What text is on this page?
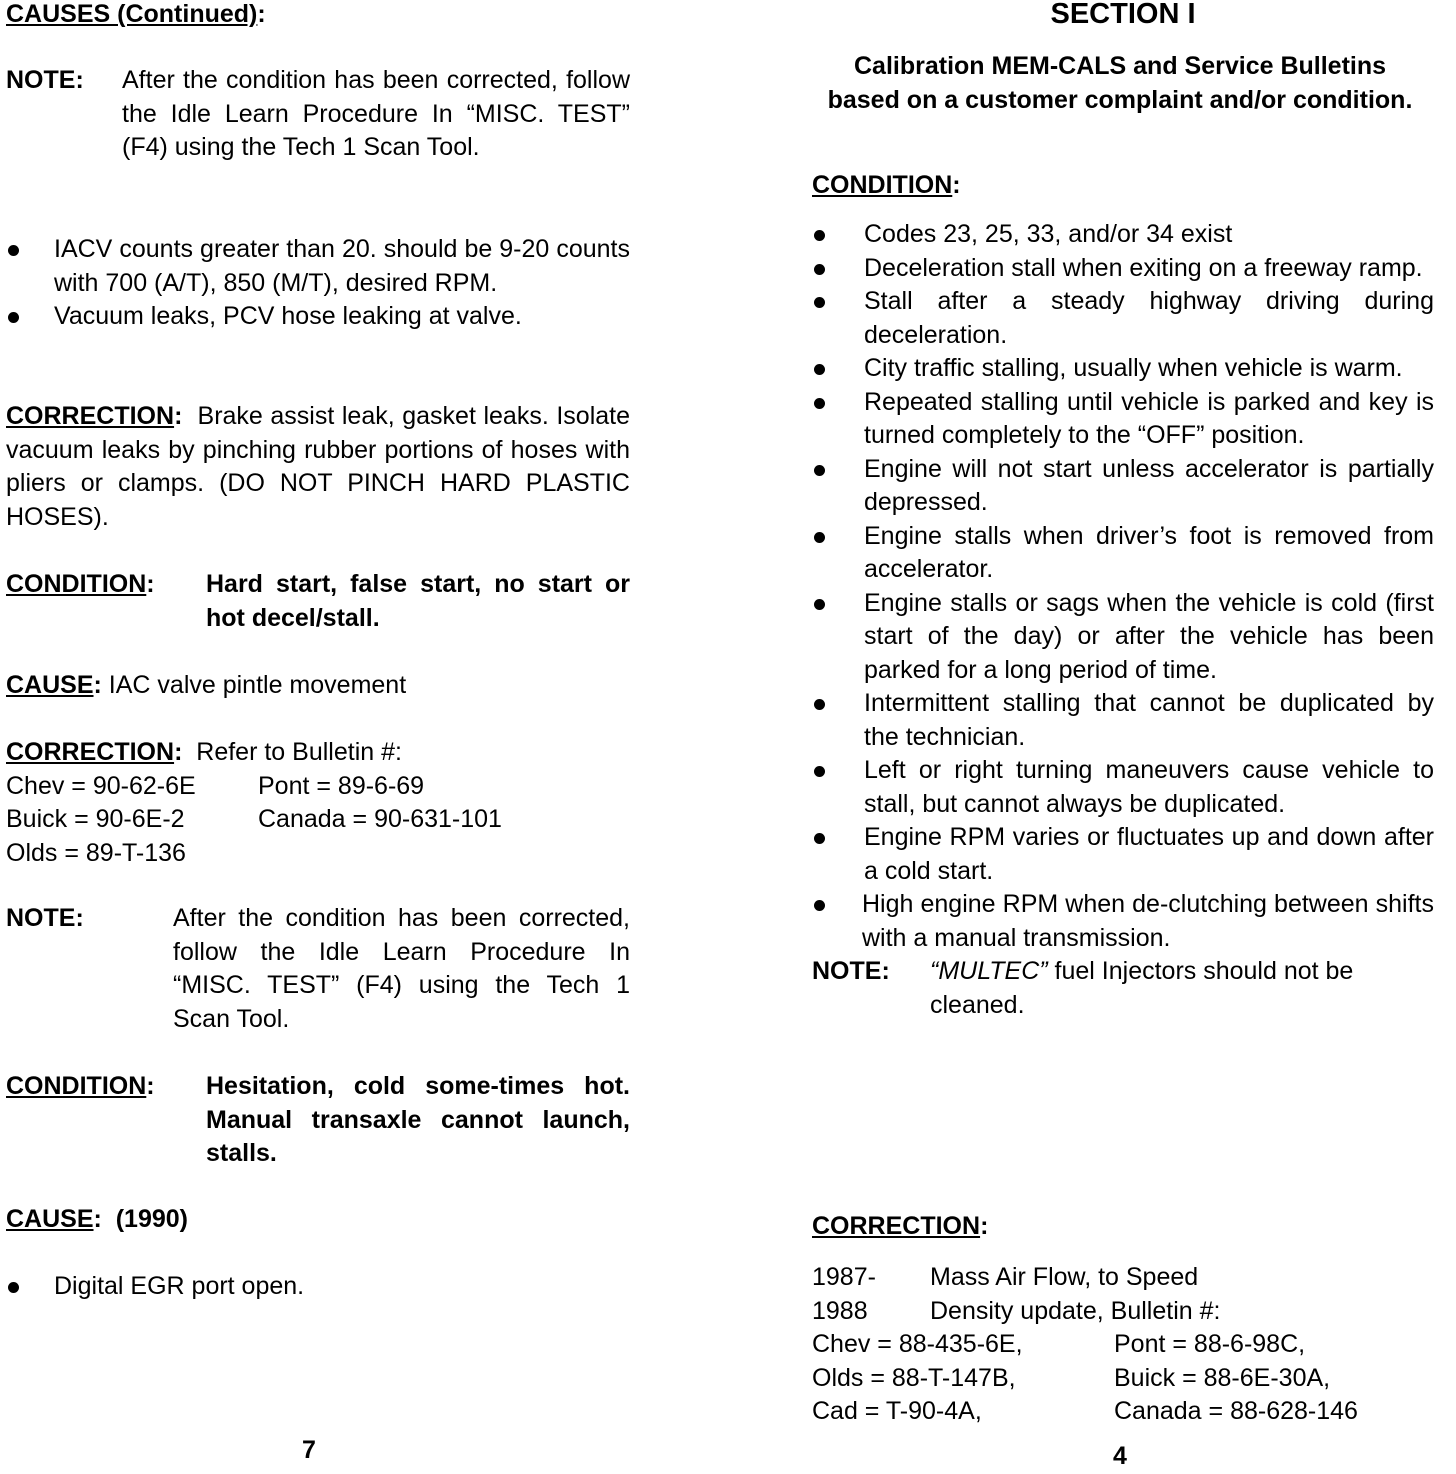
CAUSES (Continued):
NOTE:	After the condition has been corrected, follow the Idle Learn Procedure In “MISC. TEST” (F4) using the Tech 1 Scan Tool.
IACV counts greater than 20. should be 9-20 counts with 700 (A/T), 850 (M/T), desired RPM.
Vacuum leaks, PCV hose leaking at valve.
CORRECTION:  Brake assist leak, gasket leaks. Isolate vacuum leaks by pinching rubber portions of hoses with pliers or clamps. (DO NOT PINCH HARD PLASTIC HOSES).
CONDITION:	Hard start, false start, no start or hot decel/stall.
CAUSE: IAC valve pintle movement
CORRECTION:  Refer to Bulletin #:
Chev = 90-62-6E	Pont = 89-6-69
Buick = 90-6E-2	Canada = 90-631-101
Olds = 89-T-136
NOTE:	After the condition has been corrected, follow the Idle Learn Procedure In “MISC. TEST” (F4) using the Tech 1 Scan Tool.
CONDITION:	Hesitation, cold some-times hot. Manual transaxle cannot launch, stalls.
CAUSE:  (1990)
Digital EGR port open.
7
SECTION I
Calibration MEM-CALS and Service Bulletins based on a customer complaint and/or condition.
CONDITION:
Codes 23, 25, 33, and/or 34 exist
Deceleration stall when exiting on a freeway ramp.
Stall after a steady highway driving during deceleration.
City traffic stalling, usually when vehicle is warm.
Repeated stalling until vehicle is parked and key is turned completely to the “OFF” position.
Engine will not start unless accelerator is partially depressed.
Engine stalls when driver’s foot is removed from accelerator.
Engine stalls or sags when the vehicle is cold (first start of the day) or after the vehicle has been parked for a long period of time.
Intermittent stalling that cannot be duplicated by the technician.
Left or right turning maneuvers cause vehicle to stall, but cannot always be duplicated.
Engine RPM varies or fluctuates up and down after a cold start.
High engine RPM when de-clutching between shifts with a manual transmission.
NOTE:	“MULTEC” fuel Injectors should not be cleaned.
CORRECTION:
1987-	Mass Air Flow, to Speed
1988	Density update, Bulletin #:
Chev = 88-435-6E,	Pont = 88-6-98C,
Olds = 88-T-147B,	Buick = 88-6E-30A,
Cad = T-90-4A,	Canada = 88-628-146
4
